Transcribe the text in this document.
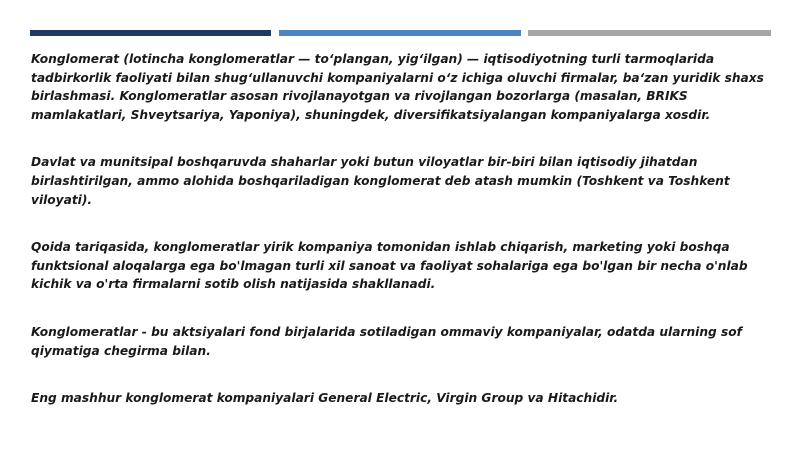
Konglomerat (lotincha konglomeratlar — to‘plangan, yig‘ilgan) — iqtisodiyotning turli tarmoqlarida tadbirkorlik faoliyati bilan shug‘ullanuvchi kompaniyalarni o‘z ichiga oluvchi firmalar, ba‘zan yuridik shaxs birlashmasi. Konglomeratlar asosan rivojlanayotgan va rivojlangan bozorlarga (masalan, BRIKS mamlakatlari, Shveytsariya, Yaponiya), shuningdek, diversifikatsiyalangan kompaniyalarga xosdir.

Davlat va munitsipal boshqaruvda shaharlar yoki butun viloyatlar bir-biri bilan iqtisodiy jihatdan birlashtirilgan, ammo alohida boshqariladigan konglomerat deb atash mumkin (Toshkent va Toshkent viloyati).

Qoida tariqasida, konglomeratlar yirik kompaniya tomonidan ishlab chiqarish, marketing yoki boshqa funktsional aloqalarga ega bo'lmagan turli xil sanoat va faoliyat sohalariga ega bo'lgan bir necha o'nlab kichik va o'rta firmalarni sotib olish natijasida shakllanadi.

Konglomeratlar - bu aktsiyalari fond birjalarida sotiladigan ommaviy kompaniyalar, odatda ularning sof qiymatiga chegirma bilan.

Eng mashhur konglomerat kompaniyalari General Electric, Virgin Group va Hitachidir.
